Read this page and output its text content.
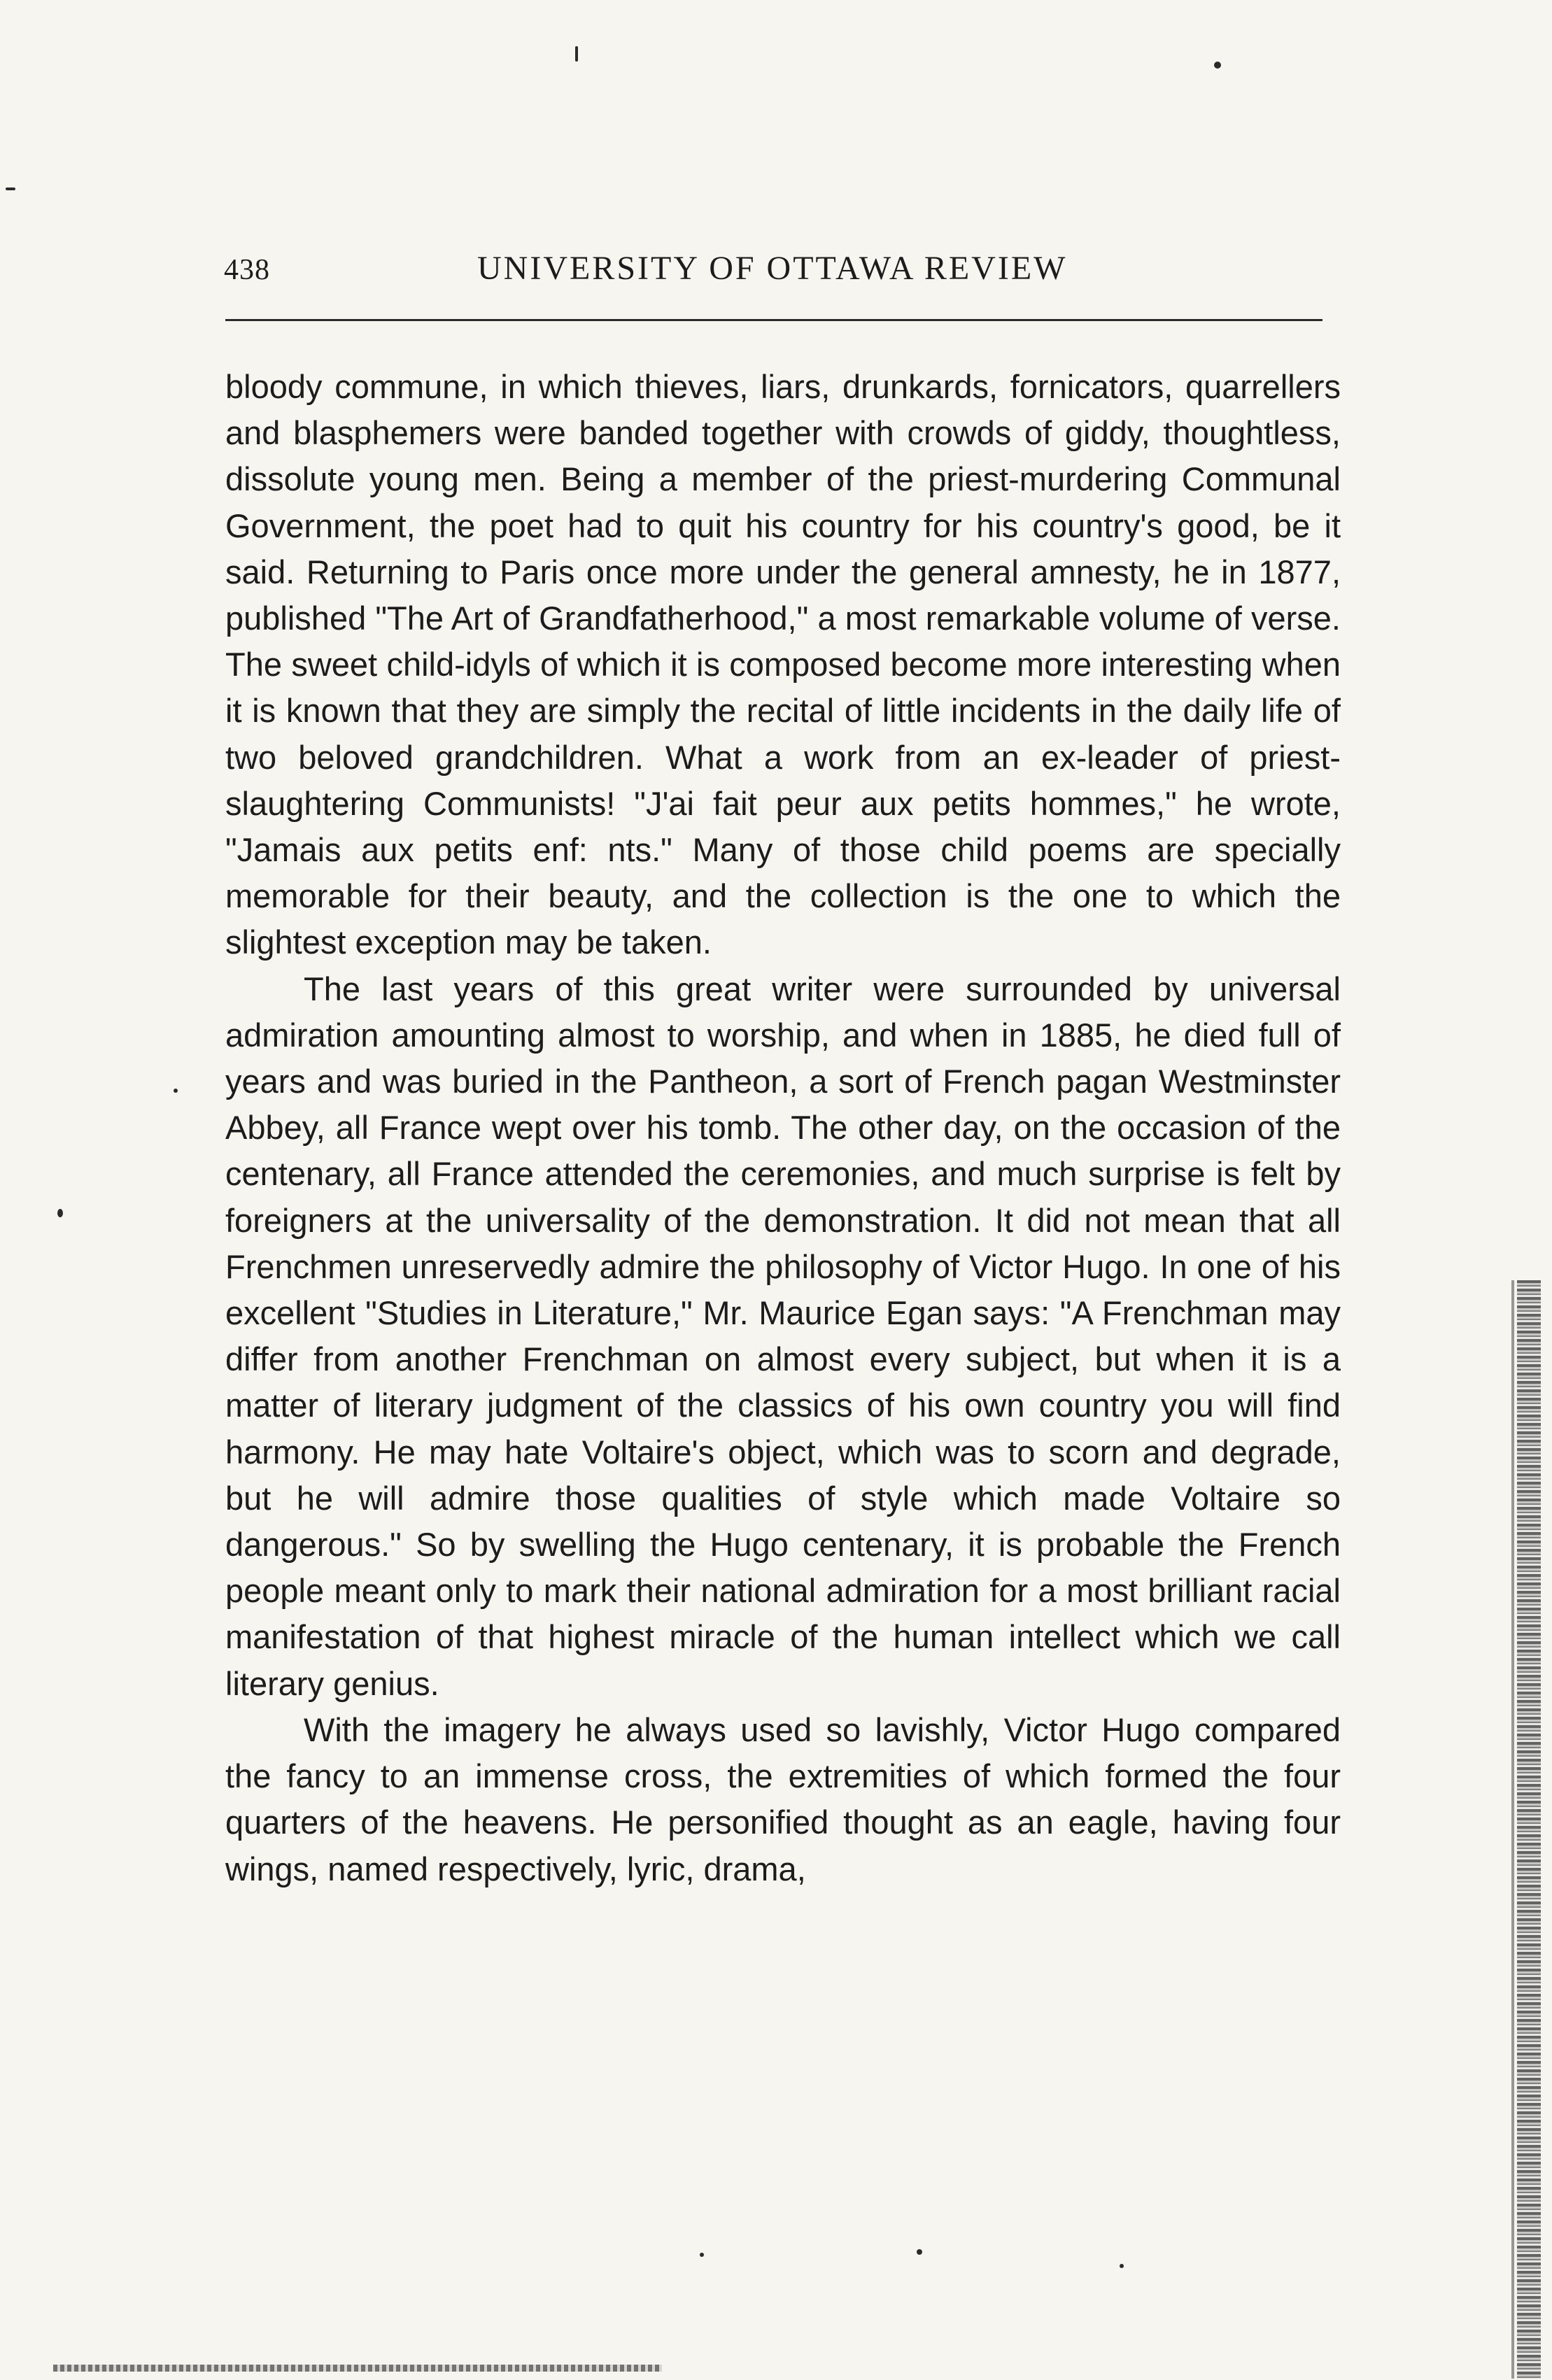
438	UNIVERSITY OF OTTAWA REVIEW

bloody commune, in which thieves, liars, drunkards, fornicators, quarrellers and blasphemers were banded together with crowds of giddy, thoughtless, dissolute young men. Being a member of the priest-murdering Communal Government, the poet had to quit his country for his country's good, be it said. Returning to Paris once more under the general amnesty, he in 1877, published "The Art of Grandfatherhood," a most remarkable volume of verse. The sweet child-idyls of which it is composed become more interesting when it is known that they are simply the recital of little incidents in the daily life of two beloved grandchildren. What a work from an ex-leader of priest-slaughtering Communists! "J'ai fait peur aux petits hommes," he wrote, "Jamais aux petits enf: nts." Many of those child poems are specially memorable for their beauty, and the collection is the one to which the slightest exception may be taken.

The last years of this great writer were surrounded by universal admiration amounting almost to worship, and when in 1885, he died full of years and was buried in the Pantheon, a sort of French pagan Westminster Abbey, all France wept over his tomb. The other day, on the occasion of the centenary, all France attended the ceremonies, and much surprise is felt by foreigners at the universality of the demonstration. It did not mean that all Frenchmen unreservedly admire the philosophy of Victor Hugo. In one of his excellent "Studies in Literature," Mr. Maurice Egan says: "A Frenchman may differ from another Frenchman on almost every subject, but when it is a matter of literary judgment of the classics of his own country you will find harmony. He may hate Voltaire's object, which was to scorn and degrade, but he will admire those qualities of style which made Voltaire so dangerous." So by swelling the Hugo centenary, it is probable the French people meant only to mark their national admiration for a most brilliant racial manifestation of that highest miracle of the human intellect which we call literary genius.

With the imagery he always used so lavishly, Victor Hugo compared the fancy to an immense cross, the extremities of which formed the four quarters of the heavens. He personified thought as an eagle, having four wings, named respectively, lyric, drama,
